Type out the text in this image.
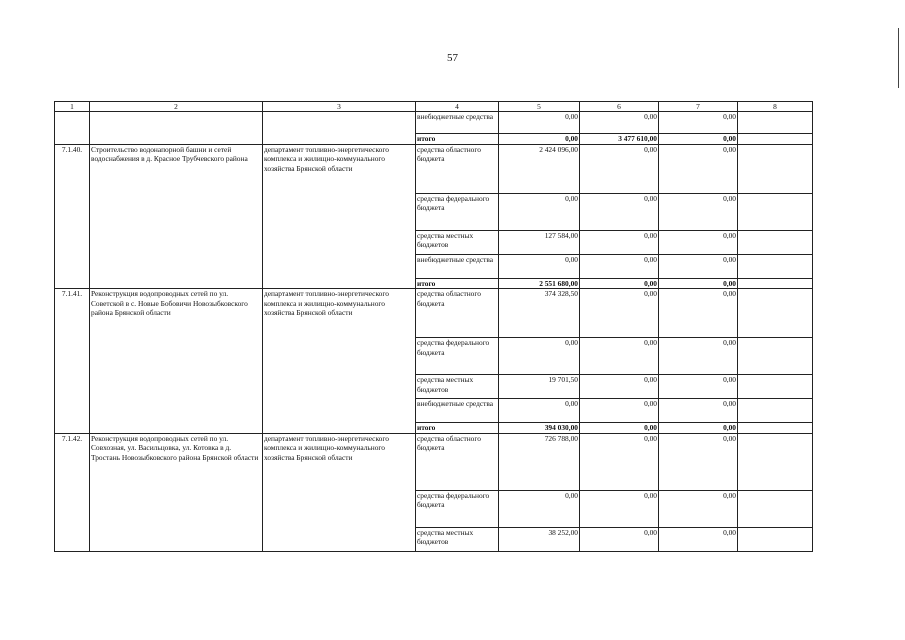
57
1	2	3	4	5	6	7	8
			внебюджетные средства	0,00	0,00	0,00	
			итого	0,00	3 477 610,00	0,00	
7.1.40.	Строительство водонапорной башни и сетей водоснабжения в д. Красное Трубчевского района	департамент топливно-энергетического комплекса и жилищно-коммунального хозяйства Брянской области	средства областного бюджета	2 424 096,00	0,00	0,00	
			средства федерального бюджета	0,00	0,00	0,00	
			средства местных бюджетов	127 584,00	0,00	0,00	
			внебюджетные средства	0,00	0,00	0,00	
			итого	2 551 680,00	0,00	0,00	
7.1.41.	Реконструкция водопроводных сетей по ул. Советской в с. Новые Бобовичи Новозыбковского района Брянской области	департамент топливно-энергетического комплекса и жилищно-коммунального хозяйства Брянской области	средства областного бюджета	374 328,50	0,00	0,00	
			средства федерального бюджета	0,00	0,00	0,00	
			средства местных бюджетов	19 701,50	0,00	0,00	
			внебюджетные средства	0,00	0,00	0,00	
			итого	394 030,00	0,00	0,00	
7.1.42.	Реконструкция водопроводных сетей по ул. Совхозная, ул. Васильцовка, ул. Котовка в д. Тростань Новозыбковского района Брянской области	департамент топливно-энергетического комплекса и жилищно-коммунального хозяйства Брянской области	средства областного бюджета	726 788,00	0,00	0,00	
			средства федерального бюджета	0,00	0,00	0,00	
			средства местных бюджетов	38 252,00	0,00	0,00	
